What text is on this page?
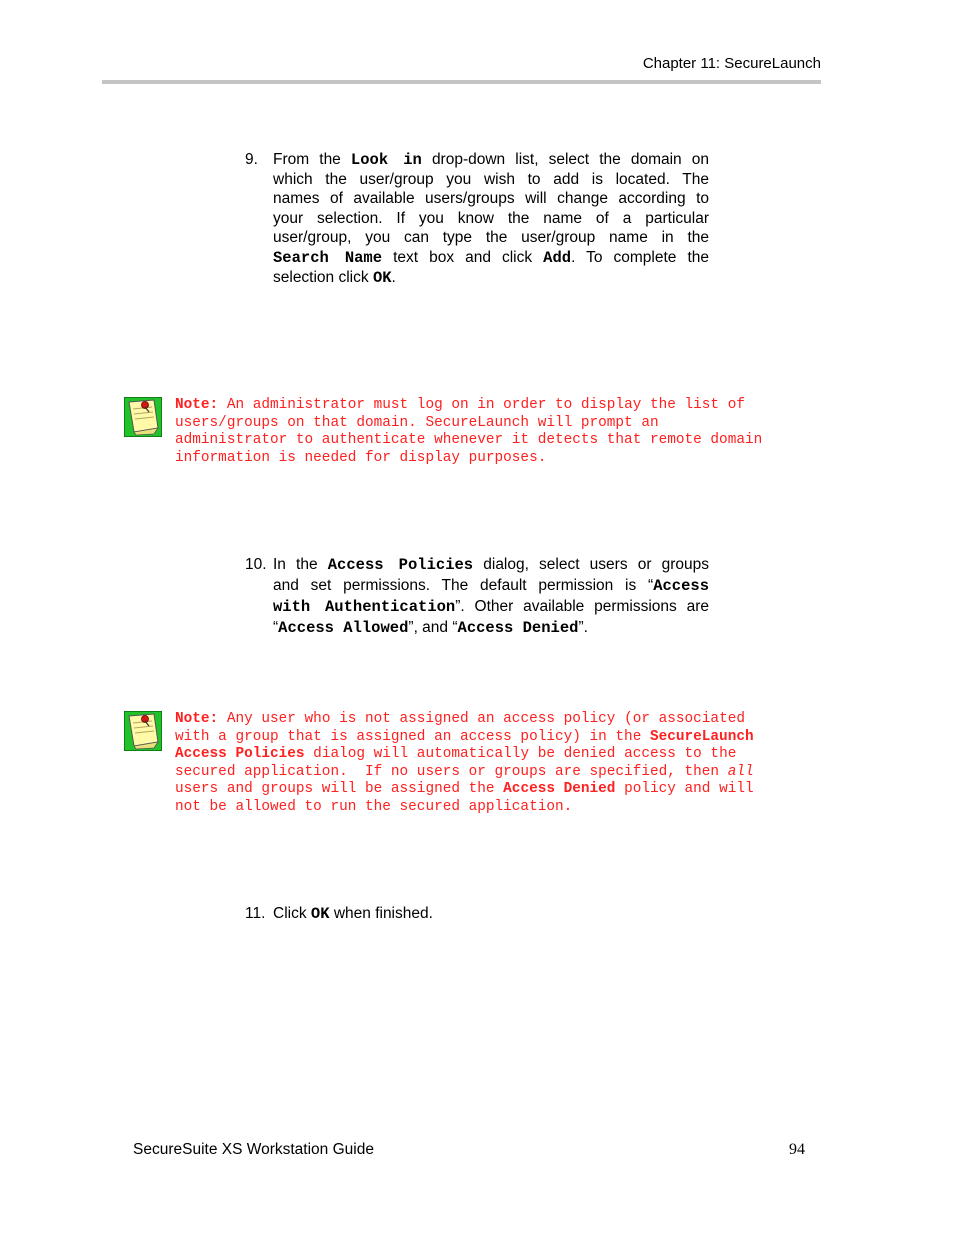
Chapter 11: SecureLaunch
9. From the Look in drop-down list, select the domain on
which the user/group you wish to add is located. The
names of available users/groups will change according to
your selection. If you know the name of a particular
user/group, you can type the user/group name in the
Search Name text box and click Add. To complete the
selection click OK.
Note: An administrator must log on in order to display the list of
users/groups on that domain. SecureLaunch will prompt an
administrator to authenticate whenever it detects that remote domain
information is needed for display purposes.
10. In the Access Policies dialog, select users or groups
and set permissions. The default permission is “Access
with Authentication”. Other available permissions are
“Access Allowed”, and “Access Denied”.
Note: Any user who is not assigned an access policy (or associated
with a group that is assigned an access policy) in the SecureLaunch
Access Policies dialog will automatically be denied access to the
secured application.  If no users or groups are specified, then all
users and groups will be assigned the Access Denied policy and will
not be allowed to run the secured application.
11. Click OK when finished.
SecureSuite XS Workstation Guide	94
